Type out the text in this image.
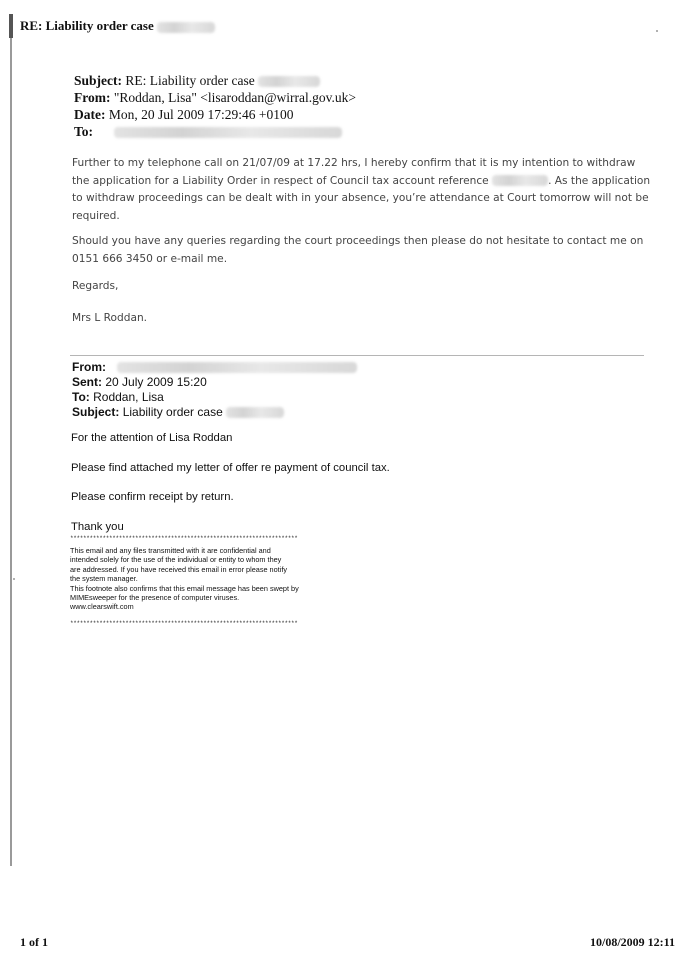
RE: Liability order case
Subject: RE: Liability order case
From: "Roddan, Lisa" <lisaroddan@wirral.gov.uk>
Date: Mon, 20 Jul 2009 17:29:46 +0100
To:
Further to my telephone call on 21/07/09 at 17.22 hrs, I hereby confirm that it is my intention to withdraw the application for a Liability Order in respect of Council tax account reference	. As the application to withdraw proceedings can be dealt with in your absence, you’re attendance at Court tomorrow will not be required.
Should you have any queries regarding the court proceedings then please do not hesitate to contact me on 0151 666 3450 or e-mail me.
Regards,
Mrs L Roddan.
From:
Sent: 20 July 2009 15:20
To: Roddan, Lisa
Subject: Liability order case
For the attention of Lisa Roddan
Please find attached my letter of offer re payment of council tax.
Please confirm receipt by return.
Thank you
**********************************************************************
This email and any files transmitted with it are confidential and
intended solely for the use of the individual or entity to whom they
are addressed. If you have received this email in error please notify
the system manager.
This footnote also confirms that this email message has been swept by
MIMEsweeper for the presence of computer viruses.
www.clearswift.com
**********************************************************************
1 of 1	10/08/2009 12:11
